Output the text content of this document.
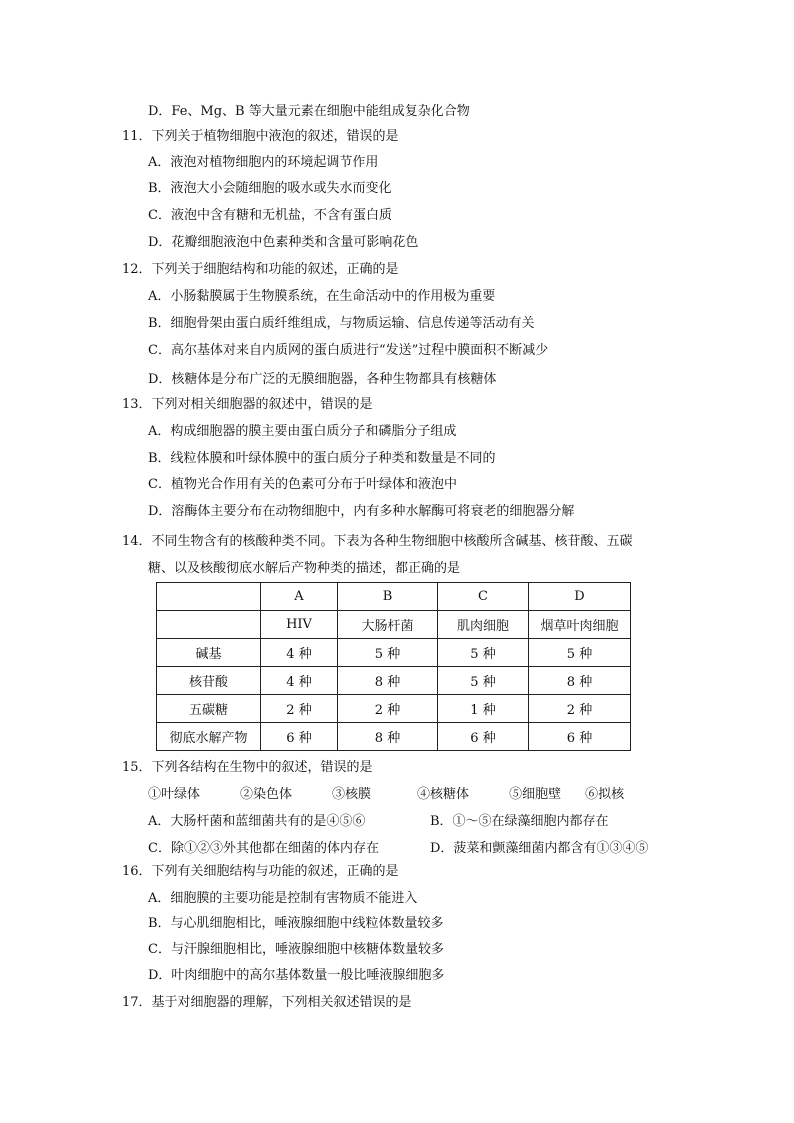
D．Fe、Mg、B 等大量元素在细胞中能组成复杂化合物
11．下列关于植物细胞中液泡的叙述，错误的是
A．液泡对植物细胞内的环境起调节作用
B．液泡大小会随细胞的吸水或失水而变化
C．液泡中含有糖和无机盐，不含有蛋白质
D．花瓣细胞液泡中色素种类和含量可影响花色
12．下列关于细胞结构和功能的叙述，正确的是
A．小肠黏膜属于生物膜系统，在生命活动中的作用极为重要
B．细胞骨架由蛋白质纤维组成，与物质运输、信息传递等活动有关
C．高尔基体对来自内质网的蛋白质进行“发送”过程中膜面积不断减少
D．核糖体是分布广泛的无膜细胞器，各种生物都具有核糖体
13．下列对相关细胞器的叙述中，错误的是
A．构成细胞器的膜主要由蛋白质分子和磷脂分子组成
B．线粒体膜和叶绿体膜中的蛋白质分子种类和数量是不同的
C．植物光合作用有关的色素可分布于叶绿体和液泡中
D．溶酶体主要分布在动物细胞中，内有多种水解酶可将衰老的细胞器分解
14．不同生物含有的核酸种类不同。下表为各种生物细胞中核酸所含碱基、核苷酸、五碳
糖、以及核酸彻底水解后产物种类的描述，都正确的是
	A	B	C	D
	HIV	大肠杆菌	肌肉细胞	烟草叶肉细胞
碱基	4 种	5 种	5 种	5 种
核苷酸	4 种	8 种	5 种	8 种
五碳糖	2 种	2 种	1 种	2 种
彻底水解产物	6 种	8 种	6 种	6 种
15．下列各结构在生物中的叙述，错误的是
①叶绿体	②染色体	③核膜	④核糖体	⑤细胞壁 ⑥拟核
A．大肠杆菌和蓝细菌共有的是④⑤⑥	B．①～⑤在绿藻细胞内都存在
C．除①②③外其他都在细菌的体内存在	D．菠菜和颤藻细菌内都含有①③④⑤
16．下列有关细胞结构与功能的叙述，正确的是
A．细胞膜的主要功能是控制有害物质不能进入
B．与心肌细胞相比，唾液腺细胞中线粒体数量较多
C．与汗腺细胞相比，唾液腺细胞中核糖体数量较多
D．叶肉细胞中的高尔基体数量一般比唾液腺细胞多
17．基于对细胞器的理解，下列相关叙述错误的是
